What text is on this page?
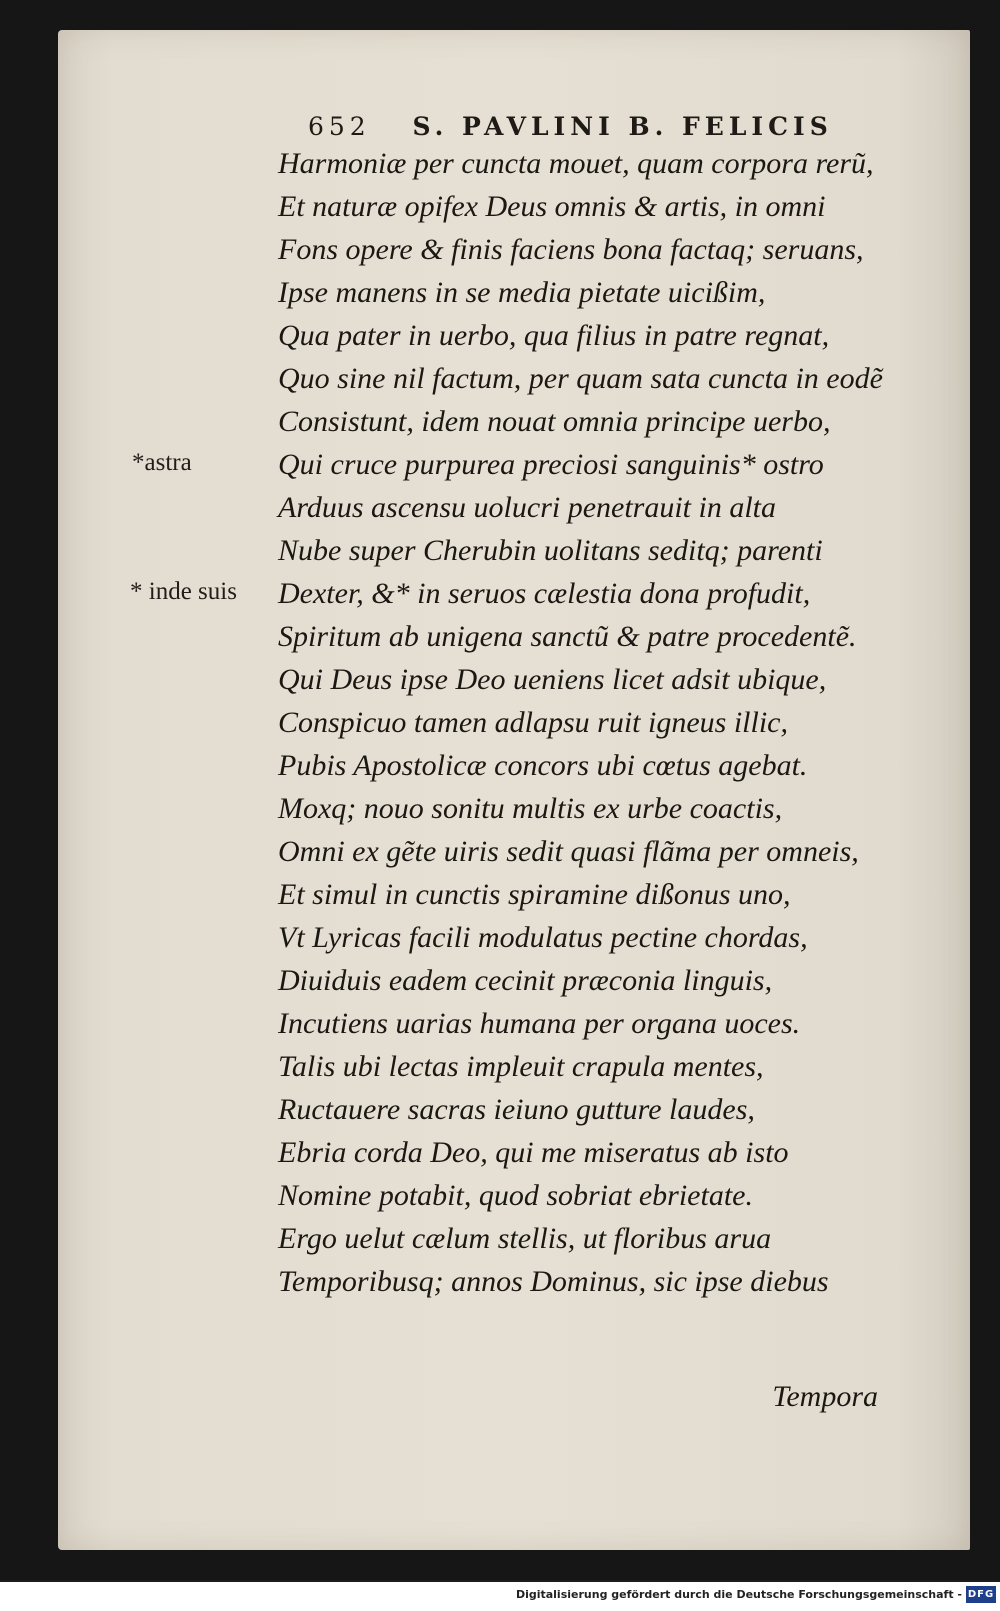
652 S. PAVLINI B. FELICIS
Harmoniæ per cuncta mouet, quam corpora rerũ,
Et naturæ opifex Deus omnis & artis, in omni
Fons opere & finis faciens bona factaq; seruans,
Ipse manens in se media pietate uicißim,
Qua pater in uerbo, qua filius in patre regnat,
Quo sine nil factum, per quam sata cuncta in eodẽ
Consistunt, idem nouat omnia principe uerbo,
Qui cruce purpurea preciosi sanguinis* ostro
Arduus ascensu uolucri penetrauit in alta
Nube super Cherubin uolitans seditq; parenti
Dexter, &* in seruos cælestia dona profudit,
Spiritum ab unigena sanctũ & patre procedentẽ.
Qui Deus ipse Deo ueniens licet adsit ubique,
Conspicuo tamen adlapsu ruit igneus illic,
Pubis Apostolicæ concors ubi cœtus agebat.
Moxq; nouo sonitu multis ex urbe coactis,
Omni ex gẽte uiris sedit quasi flãma per omneis,
Et simul in cunctis spiramine dißonus uno,
Vt Lyricas facili modulatus pectine chordas,
Diuiduis eadem cecinit præconia linguis,
Incutiens uarias humana per organa uoces.
Talis ubi lectas impleuit crapula mentes,
Ructauere sacras ieiuno gutture laudes,
Ebria corda Deo, qui me miseratus ab isto
Nomine potabit, quod sobriat ebrietate.
Ergo uelut cælum stellis, ut floribus arua
Temporibusq; annos Dominus, sic ipse diebus
*astra
* inde suis
Tempora
Digitalisierung gefördert durch die Deutsche Forschungsgemeinschaft - DFG
